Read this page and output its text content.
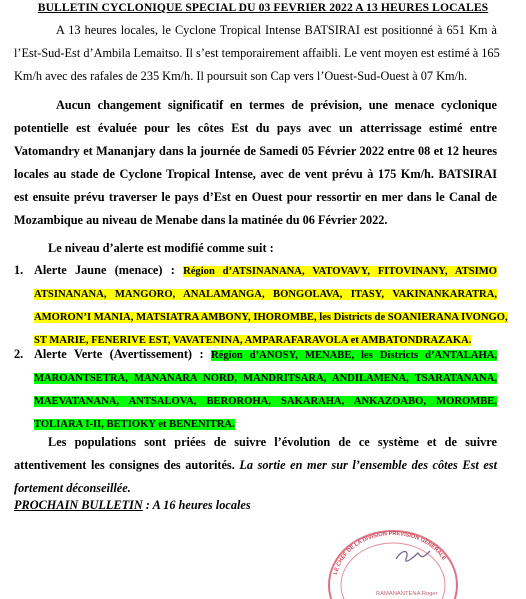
BULLETIN CYCLONIQUE SPECIAL DU 03 FEVRIER 2022 A 13 HEURES LOCALES
A 13 heures locales, le Cyclone Tropical Intense BATSIRAI est positionné à 651 Km à
l’Est-Sud-Est d’Ambila Lemaitso. Il s’est temporairement affaibli. Le vent moyen est estimé à 165
Km/h avec des rafales de 235 Km/h. Il poursuit son Cap vers l’Ouest-Sud-Ouest à 07 Km/h.
Aucun changement significatif en termes de prévision, une menace cyclonique
potentielle est évaluée pour les côtes Est du pays avec un atterrissage estimé entre
Vatomandry et Mananjary dans la journée de Samedi 05 Février 2022 entre 08 et 12 heures
locales au stade de Cyclone Tropical Intense, avec de vent prévu à 175 Km/h. BATSIRAI
est ensuite prévu traverser le pays d’Est en Ouest pour ressortir en mer dans le Canal de
Mozambique au niveau de Menabe dans la matinée du 06 Février 2022.
Le niveau d’alerte est modifié comme suit :
1. Alerte Jaune (menace) : Région d’ATSINANANA, VATOVAVY, FITOVINANY, ATSIMO
ATSINANANA, MANGORO, ANALAMANGA, BONGOLAVA, ITASY, VAKINANKARATRA,
AMORON’I MANIA, MATSIATRA AMBONY, IHOROMBE, les Districts de SOANIERANA IVONGO,
ST MARIE, FENERIVE EST, VAVATENINA, AMPARAFARAVOLA et AMBATONDRAZAKA.
2. Alerte Verte (Avertissement) : Région d’ANOSY, MENABE, les Districts d’ANTALAHA,
MAROANTSETRA, MANANARA NORD, MANDRITSARA, ANDILAMENA, TSARATANANA,
MAEVATANANA, ANTSALOVA, BEROROHA, SAKARAHA, ANKAZOABO, MOROMBE,
TOLIARA I-II, BETIOKY et BENENITRA.
Les populations sont priées de suivre l’évolution de ce système et de suivre
attentivement les consignes des autorités. La sortie en mer sur l’ensemble des côtes Est est
fortement déconseillée.
PROCHAIN BULLETIN : A 16 heures locales
LE CHEF DE LA DIVISION PREVISION GENERALE
RAMANANTENA Roger
